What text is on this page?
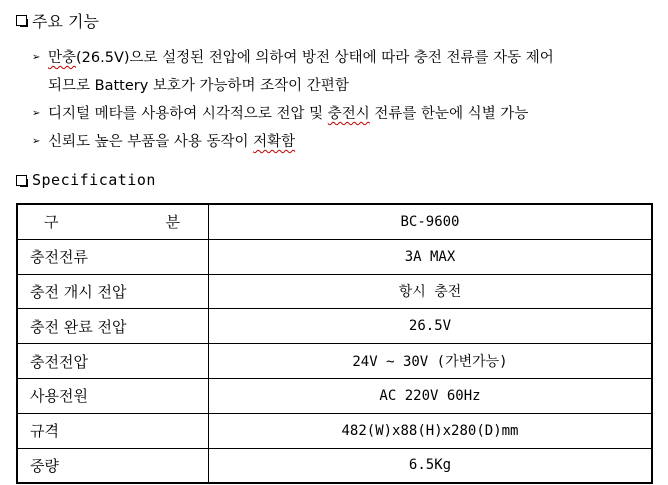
주요 기능
➢ 만충(26.5V)으로 설정된 전압에 의하여 방전 상태에 따라 충전 전류를 자동 제어
되므로 Battery 보호가 가능하며 조작이 간편함
➢ 디지털 메타를 사용하여 시각적으로 전압 및 충전시 전류를 한눈에 식별 가능
➢ 신뢰도 높은 부품을 사용 동작이 저확함
Specification
구 분	BC-9600
충전전류	3A MAX
충전 개시 전압	항시 충전
충전 완료 전압	26.5V
충전전압	24V ~ 30V (가변가능)
사용전원	AC 220V 60Hz
규격	482(W)x88(H)x280(D)mm
중량	6.5Kg
